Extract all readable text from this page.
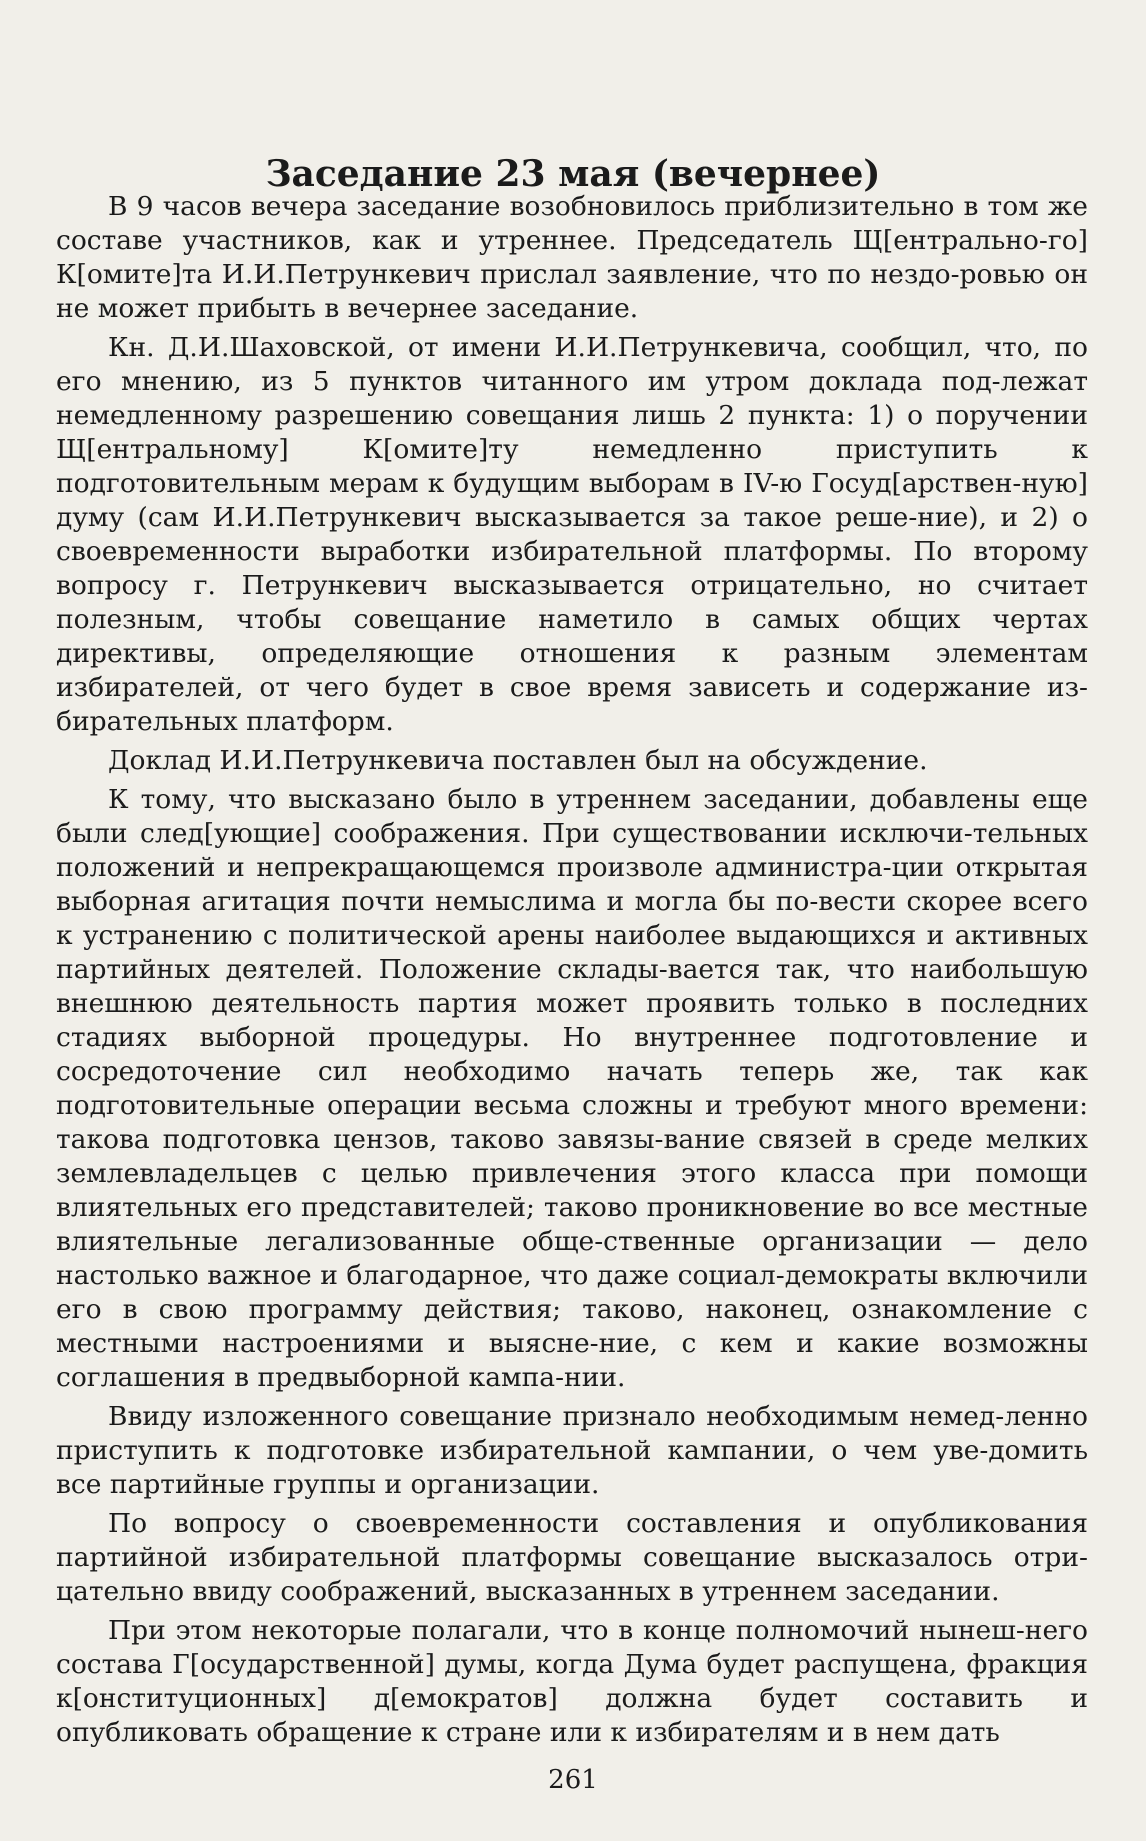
Заседание 23 мая (вечернее)

В 9 часов вечера заседание возобновилось приблизительно в том же составе участников, как и утреннее. Председатель Щ[ентрально-го] К[омите]та И.И.Петрункевич прислал заявление, что по нездо-ровью он не может прибыть в вечернее заседание.

Кн. Д.И.Шаховской, от имени И.И.Петрункевича, сообщил, что, по его мнению, из 5 пунктов читанного им утром доклада под-лежат немедленному разрешению совещания лишь 2 пункта: 1) о поручении Щ[ентральному] К[омите]ту немедленно приступить к подготовительным мерам к будущим выборам в IV-ю Госуд[арствен-ную] думу (сам И.И.Петрункевич высказывается за такое реше-ние), и 2) о своевременности выработки избирательной платформы. По второму вопросу г. Петрункевич высказывается отрицательно, но считает полезным, чтобы совещание наметило в самых общих чертах директивы, определяющие отношения к разным элементам избирателей, от чего будет в свое время зависеть и содержание из-бирательных платформ.

Доклад И.И.Петрункевича поставлен был на обсуждение.

К тому, что высказано было в утреннем заседании, добавлены еще были след[ующие] соображения. При существовании исключи-тельных положений и непрекращающемся произволе администра-ции открытая выборная агитация почти немыслима и могла бы по-вести скорее всего к устранению с политической арены наиболее выдающихся и активных партийных деятелей. Положение склады-вается так, что наибольшую внешнюю деятельность партия может проявить только в последних стадиях выборной процедуры. Но внутреннее подготовление и сосредоточение сил необходимо начать теперь же, так как подготовительные операции весьма сложны и требуют много времени: такова подготовка цензов, таково завязы-вание связей в среде мелких землевладельцев с целью привлечения этого класса при помощи влиятельных его представителей; таково проникновение во все местные влиятельные легализованные обще-ственные организации — дело настолько важное и благодарное, что даже социал-демократы включили его в свою программу действия; таково, наконец, ознакомление с местными настроениями и выясне-ние, с кем и какие возможны соглашения в предвыборной кампа-нии.

Ввиду изложенного совещание признало необходимым немед-ленно приступить к подготовке избирательной кампании, о чем уве-домить все партийные группы и организации.

По вопросу о своевременности составления и опубликования партийной избирательной платформы совещание высказалось отри-цательно ввиду соображений, высказанных в утреннем заседании.

При этом некоторые полагали, что в конце полномочий нынеш-него состава Г[осударственной] думы, когда Дума будет распущена, фракция к[онституционных] д[емократов] должна будет составить и опубликовать обращение к стране или к избирателям и в нем дать

261
